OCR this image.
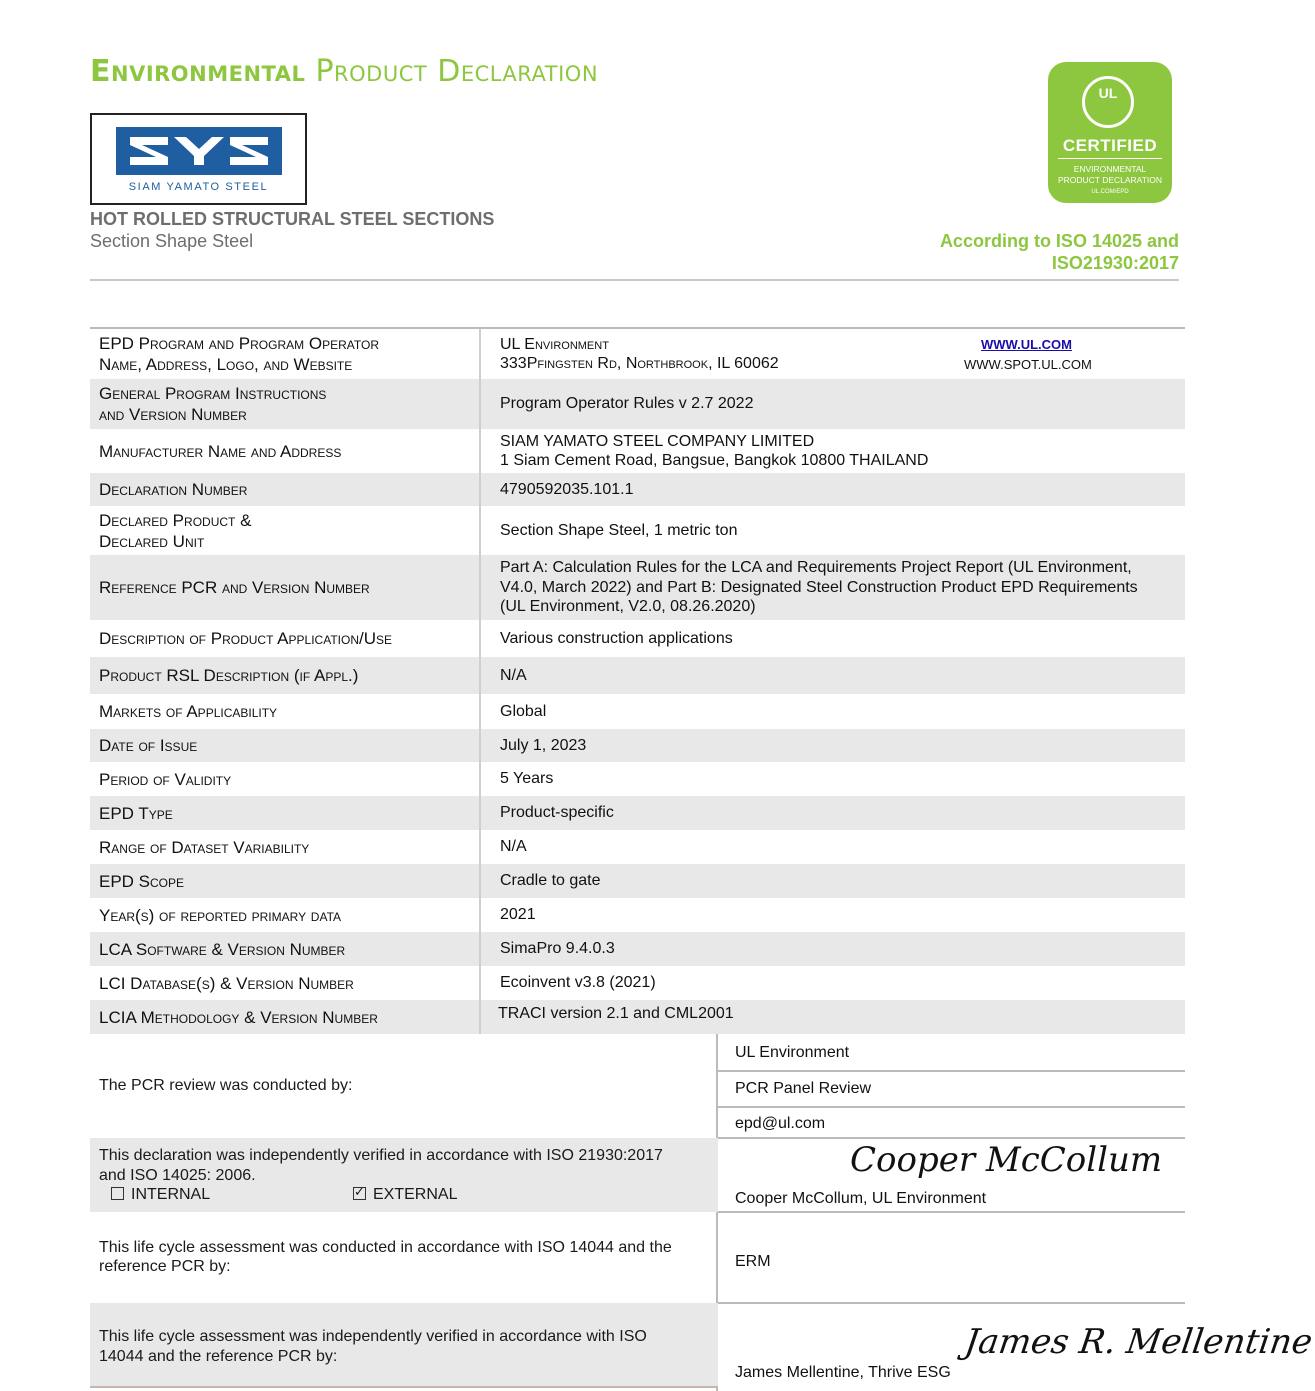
Environmental Product Declaration
SIAM YAMATO STEEL
UL
CERTIFIED
ENVIRONMENTAL
PRODUCT DECLARATION
UL.COM/EPD
HOT ROLLED STRUCTURAL STEEL SECTIONS
Section Shape Steel	According to ISO 14025 and
ISO21930:2017
EPD Program and Program Operator
Name, Address, Logo, and Website
UL Environment
333Pfingsten Rd, Northbrook, IL 60062
WWW.UL.COM
WWW.SPOT.UL.COM
General Program Instructions
and Version Number
Program Operator Rules v 2.7 2022
Manufacturer Name and Address
SIAM YAMATO STEEL COMPANY LIMITED
1 Siam Cement Road, Bangsue, Bangkok 10800 THAILAND
Declaration Number	4790592035.101.1
Declared Product &
Declared Unit
Section Shape Steel, 1 metric ton
Reference PCR and Version Number
Part A: Calculation Rules for the LCA and Requirements Project Report (UL Environment,
V4.0, March 2022) and Part B: Designated Steel Construction Product EPD Requirements
(UL Environment, V2.0, 08.26.2020)
Description of Product Application/Use	Various construction applications
Product RSL Description (if Appl.)	N/A
Markets of Applicability	Global
Date of Issue	July 1, 2023
Period of Validity	5 Years
EPD Type	Product-specific
Range of Dataset Variability	N/A
EPD Scope	Cradle to gate
Year(s) of reported primary data	2021
LCA Software & Version Number	SimaPro 9.4.0.3
LCI Database(s) & Version Number	Ecoinvent v3.8 (2021)
LCIA Methodology & Version Number	TRACI version 2.1 and CML2001
The PCR review was conducted by:
UL Environment
PCR Panel Review
epd@ul.com
This declaration was independently verified in accordance with ISO 21930:2017
and ISO 14025: 2006.
INTERNAL
✓	EXTERNAL
Cooper McCollum
Cooper McCollum, UL Environment
This life cycle assessment was conducted in accordance with ISO 14044 and the
reference PCR by:	ERM
This life cycle assessment was independently verified in accordance with ISO
14044 and the reference PCR by:	James R. Mellentine
James Mellentine, Thrive ESG
